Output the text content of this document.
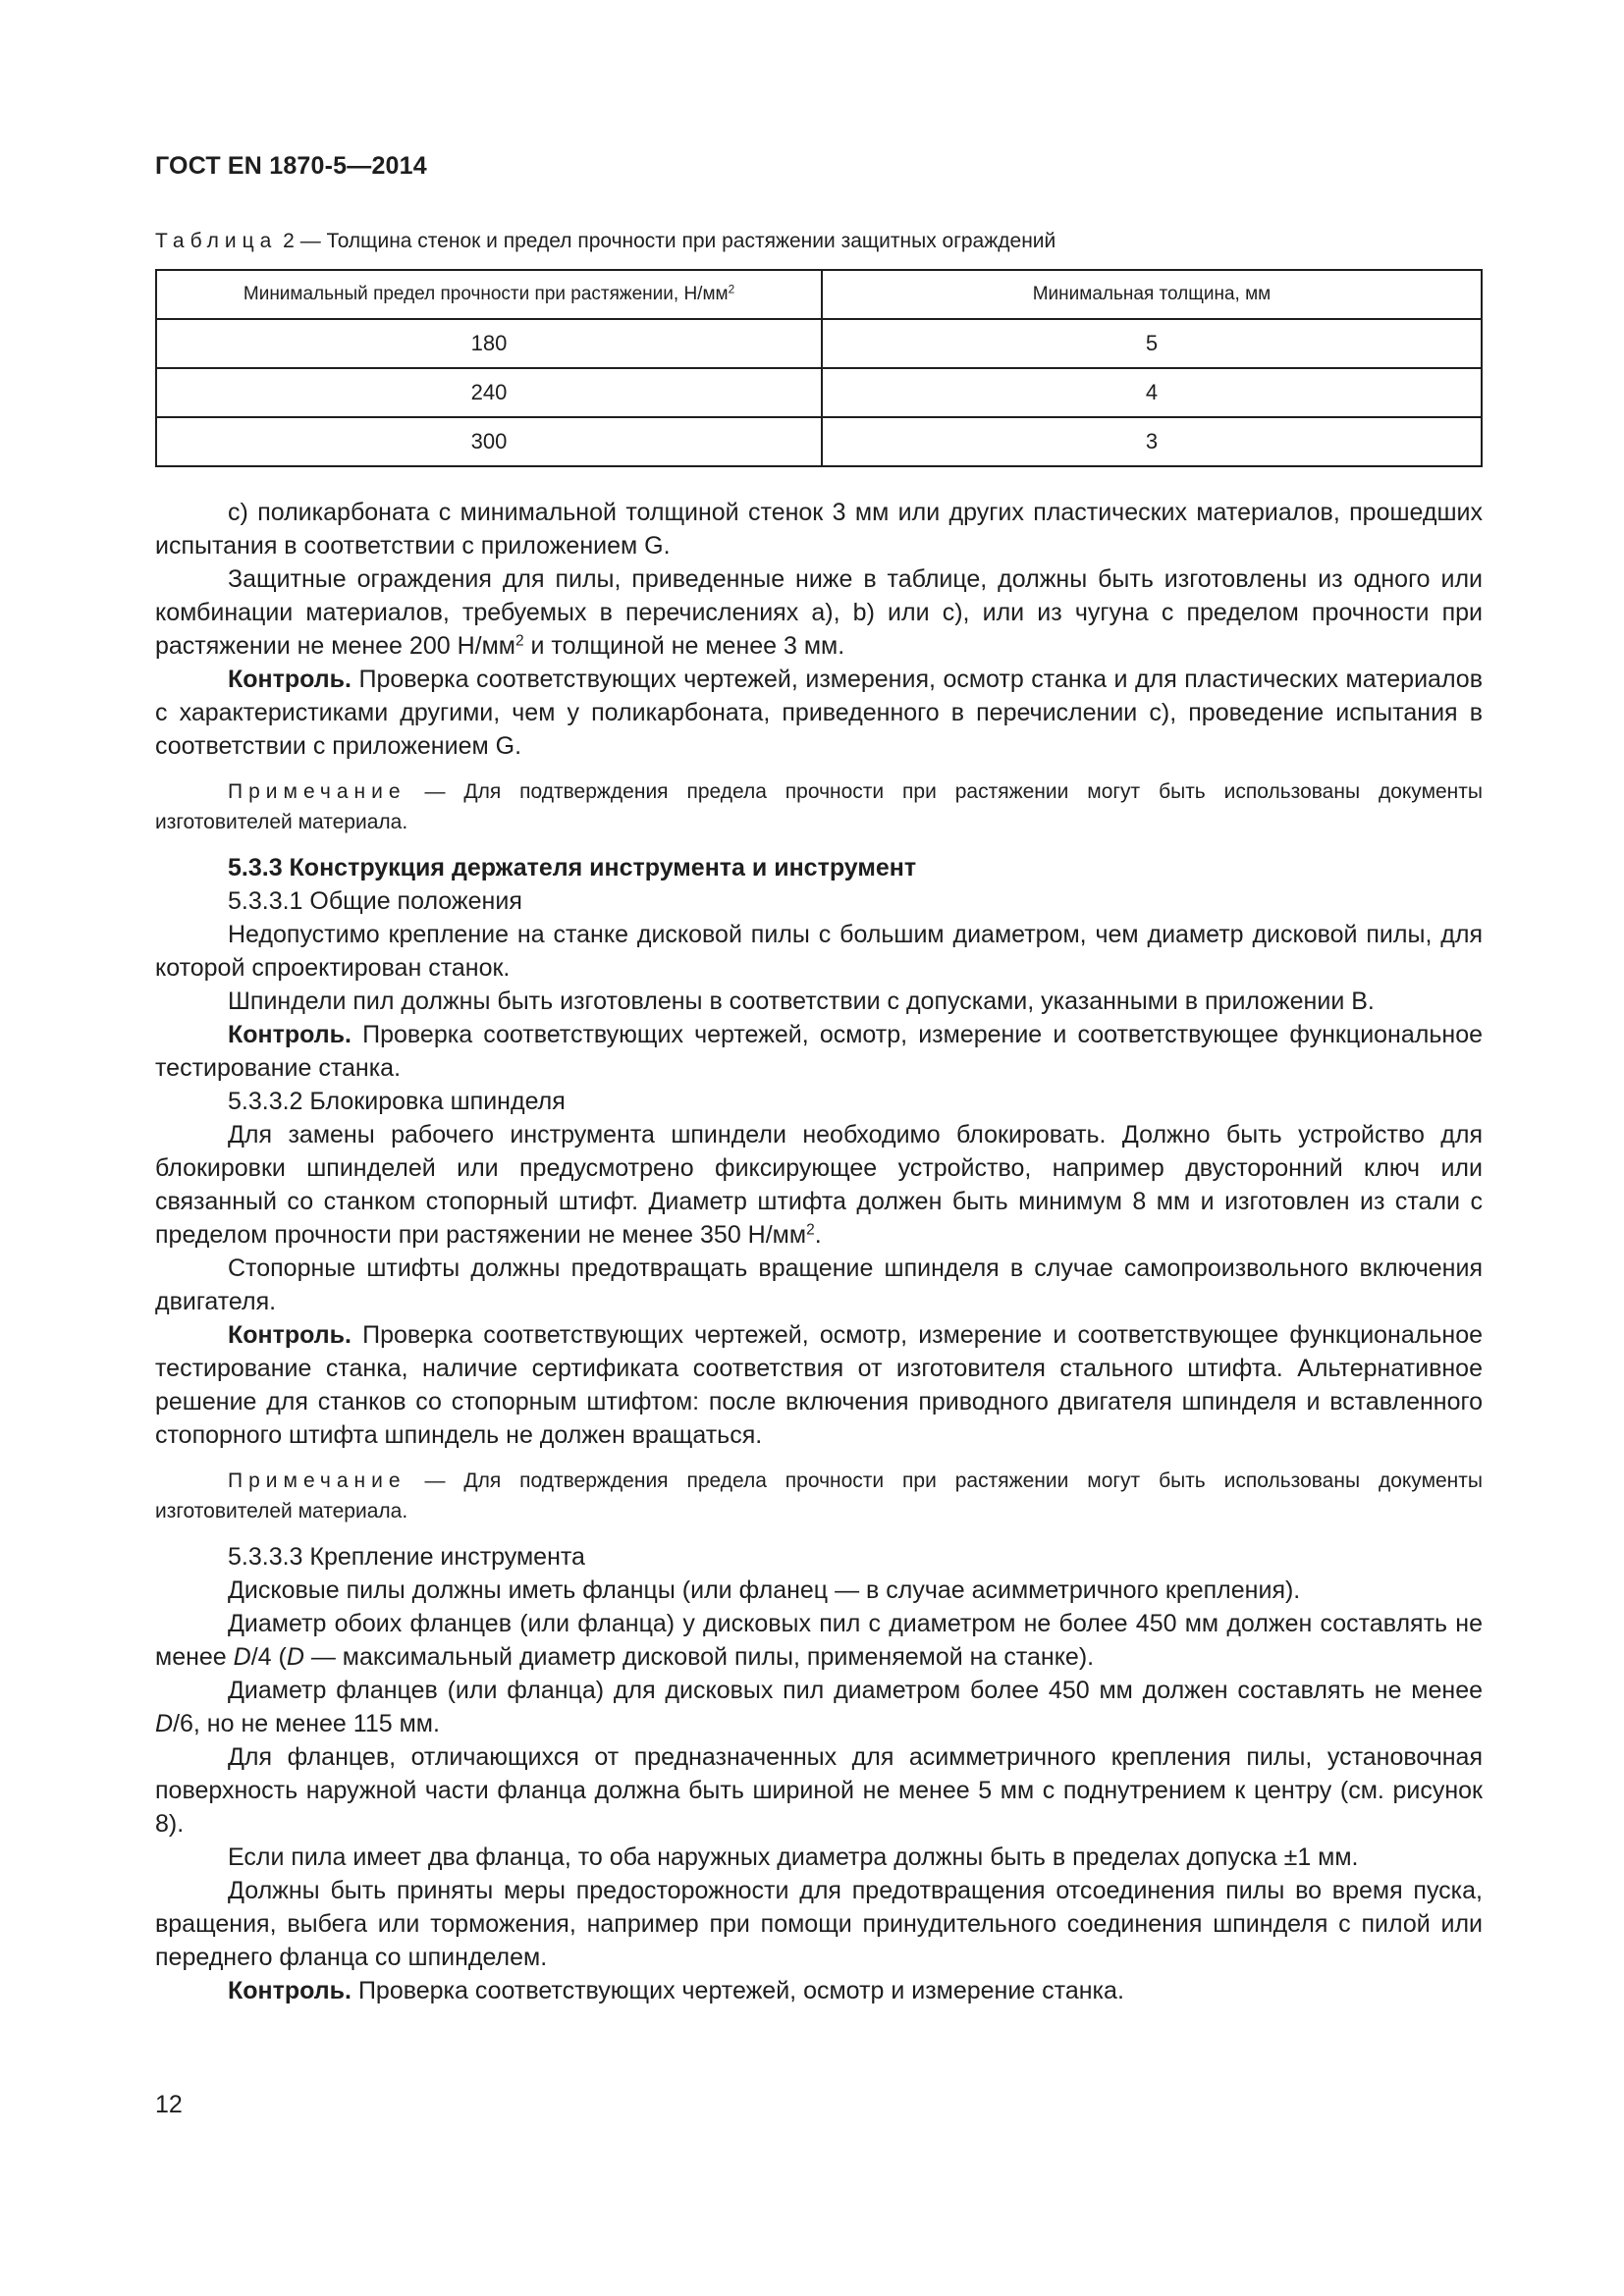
ГОСТ EN 1870-5—2014
Таблица 2 — Толщина стенок и предел прочности при растяжении защитных ограждений
Минимальный предел прочности при растяжении, $Н/мм^2$	Минимальная толщина, мм
180	5
240	4
300	3

с) поликарбоната с минимальной толщиной стенок 3 мм или других пластических материалов, прошедших испытания в соответствии с приложением G.

Защитные ограждения для пилы, приведенные ниже в таблице, должны быть изготовлены из одного или комбинации материалов, требуемых в перечислениях а), b) или с), или из чугуна с пределом прочности при растяжении не менее 200 $Н/мм^2$ и толщиной не менее 3 мм.

Контроль. Проверка соответствующих чертежей, измерения, осмотр станка и для пластических материалов с характеристиками другими, чем у поликарбоната, приведенного в перечислении с), проведение испытания в соответствии с приложением G.

Примечание — Для подтверждения предела прочности при растяжении могут быть использованы документы изготовителей материала.

5.3.3 Конструкция держателя инструмента и инструмент

5.3.3.1 Общие положения

Недопустимо крепление на станке дисковой пилы с большим диаметром, чем диаметр дисковой пилы, для которой спроектирован станок.

Шпиндели пил должны быть изготовлены в соответствии с допусками, указанными в приложении В.

Контроль. Проверка соответствующих чертежей, осмотр, измерение и соответствующее функциональное тестирование станка.

5.3.3.2 Блокировка шпинделя

Для замены рабочего инструмента шпиндели необходимо блокировать. Должно быть устройство для блокировки шпинделей или предусмотрено фиксирующее устройство, например двусторонний ключ или связанный со станком стопорный штифт. Диаметр штифта должен быть минимум 8 мм и изготовлен из стали с пределом прочности при растяжении не менее 350 $Н/мм^2$.

Стопорные штифты должны предотвращать вращение шпинделя в случае самопроизвольного включения двигателя.

Контроль. Проверка соответствующих чертежей, осмотр, измерение и соответствующее функциональное тестирование станка, наличие сертификата соответствия от изготовителя стального штифта. Альтернативное решение для станков со стопорным штифтом: после включения приводного двигателя шпинделя и вставленного стопорного штифта шпиндель не должен вращаться.

Примечание — Для подтверждения предела прочности при растяжении могут быть использованы документы изготовителей материала.

5.3.3.3 Крепление инструмента

Дисковые пилы должны иметь фланцы (или фланец — в случае асимметричного крепления).

Диаметр обоих фланцев (или фланца) у дисковых пил с диаметром не более 450 мм должен составлять не менее D/4 (D — максимальный диаметр дисковой пилы, применяемой на станке).

Диаметр фланцев (или фланца) для дисковых пил диаметром более 450 мм должен составлять не менее D/6, но не менее 115 мм.

Для фланцев, отличающихся от предназначенных для асимметричного крепления пилы, установочная поверхность наружной части фланца должна быть шириной не менее 5 мм с поднутрением к центру (см. рисунок 8).

Если пила имеет два фланца, то оба наружных диаметра должны быть в пределах допуска ±1 мм.

Должны быть приняты меры предосторожности для предотвращения отсоединения пилы во время пуска, вращения, выбега или торможения, например при помощи принудительного соединения шпинделя с пилой или переднего фланца со шпинделем.

Контроль. Проверка соответствующих чертежей, осмотр и измерение станка.

12
